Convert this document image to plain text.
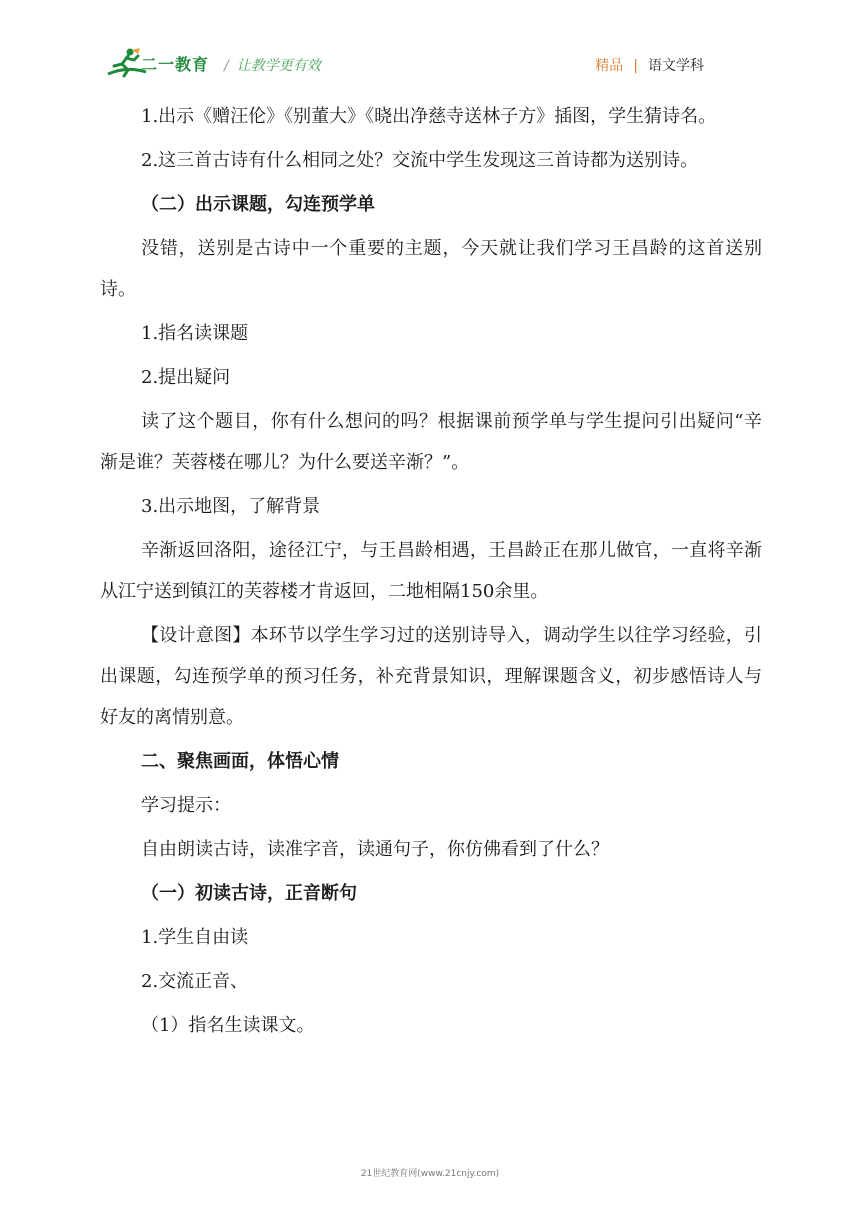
二一教育 / 让教学更有效	精品 | 语文学科

1.出示《赠汪伦》《别董大》《晓出净慈寺送林子方》插图，学生猜诗名。

2.这三首古诗有什么相同之处？交流中学生发现这三首诗都为送别诗。

（二）出示课题，勾连预学单

没错，送别是古诗中一个重要的主题，今天就让我们学习王昌龄的这首送别诗。

1.指名读课题

2.提出疑问

读了这个题目，你有什么想问的吗？根据课前预学单与学生提问引出疑问“辛渐是谁？芙蓉楼在哪儿？为什么要送辛渐？”。

3.出示地图，了解背景

辛渐返回洛阳，途径江宁，与王昌龄相遇，王昌龄正在那儿做官，一直将辛渐从江宁送到镇江的芙蓉楼才肯返回，二地相隔150余里。

【设计意图】本环节以学生学习过的送别诗导入，调动学生以往学习经验，引出课题，勾连预学单的预习任务，补充背景知识，理解课题含义，初步感悟诗人与好友的离情别意。

二、聚焦画面，体悟心情

学习提示：

自由朗读古诗，读准字音，读通句子，你仿佛看到了什么？

（一）初读古诗，正音断句

1.学生自由读

2.交流正音、

（1）指名生读课文。

21世纪教育网(www.21cnjy.com)
